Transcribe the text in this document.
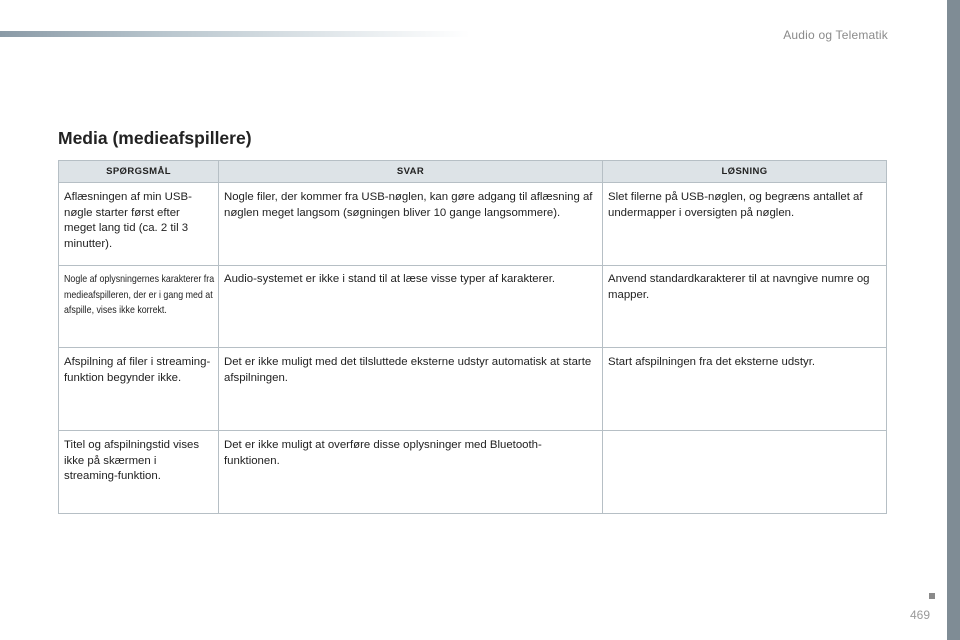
Audio og Telematik
Media (medieafspillere)
SPØRGSMÅL	SVAR	LØSNING
Aflæsningen af min USB-nøgle starter først efter meget lang tid (ca. 2 til 3 minutter).	Nogle filer, der kommer fra USB-nøglen, kan gøre adgang til aflæsning af nøglen meget langsom (søgningen bliver 10 gange langsommere).	Slet filerne på USB-nøglen, og begræns antallet af undermapper i oversigten på nøglen.

Nogle af oplysningernes karakterer fra medieafspilleren, der er i gang med at afspille, vises ikke korrekt.	Audio-systemet er ikke i stand til at læse visse typer af karakterer.	Anvend standardkarakterer til at navngive numre og mapper.
Afspilning af filer i streaming-funktion begynder ikke.	Det er ikke muligt med det tilsluttede eksterne udstyr automatisk at starte afspilningen.	Start afspilningen fra det eksterne udstyr.
Titel og afspilningstid vises ikke på skærmen i streaming-funktion.	Det er ikke muligt at overføre disse oplysninger med Bluetooth-funktionen.	
469
